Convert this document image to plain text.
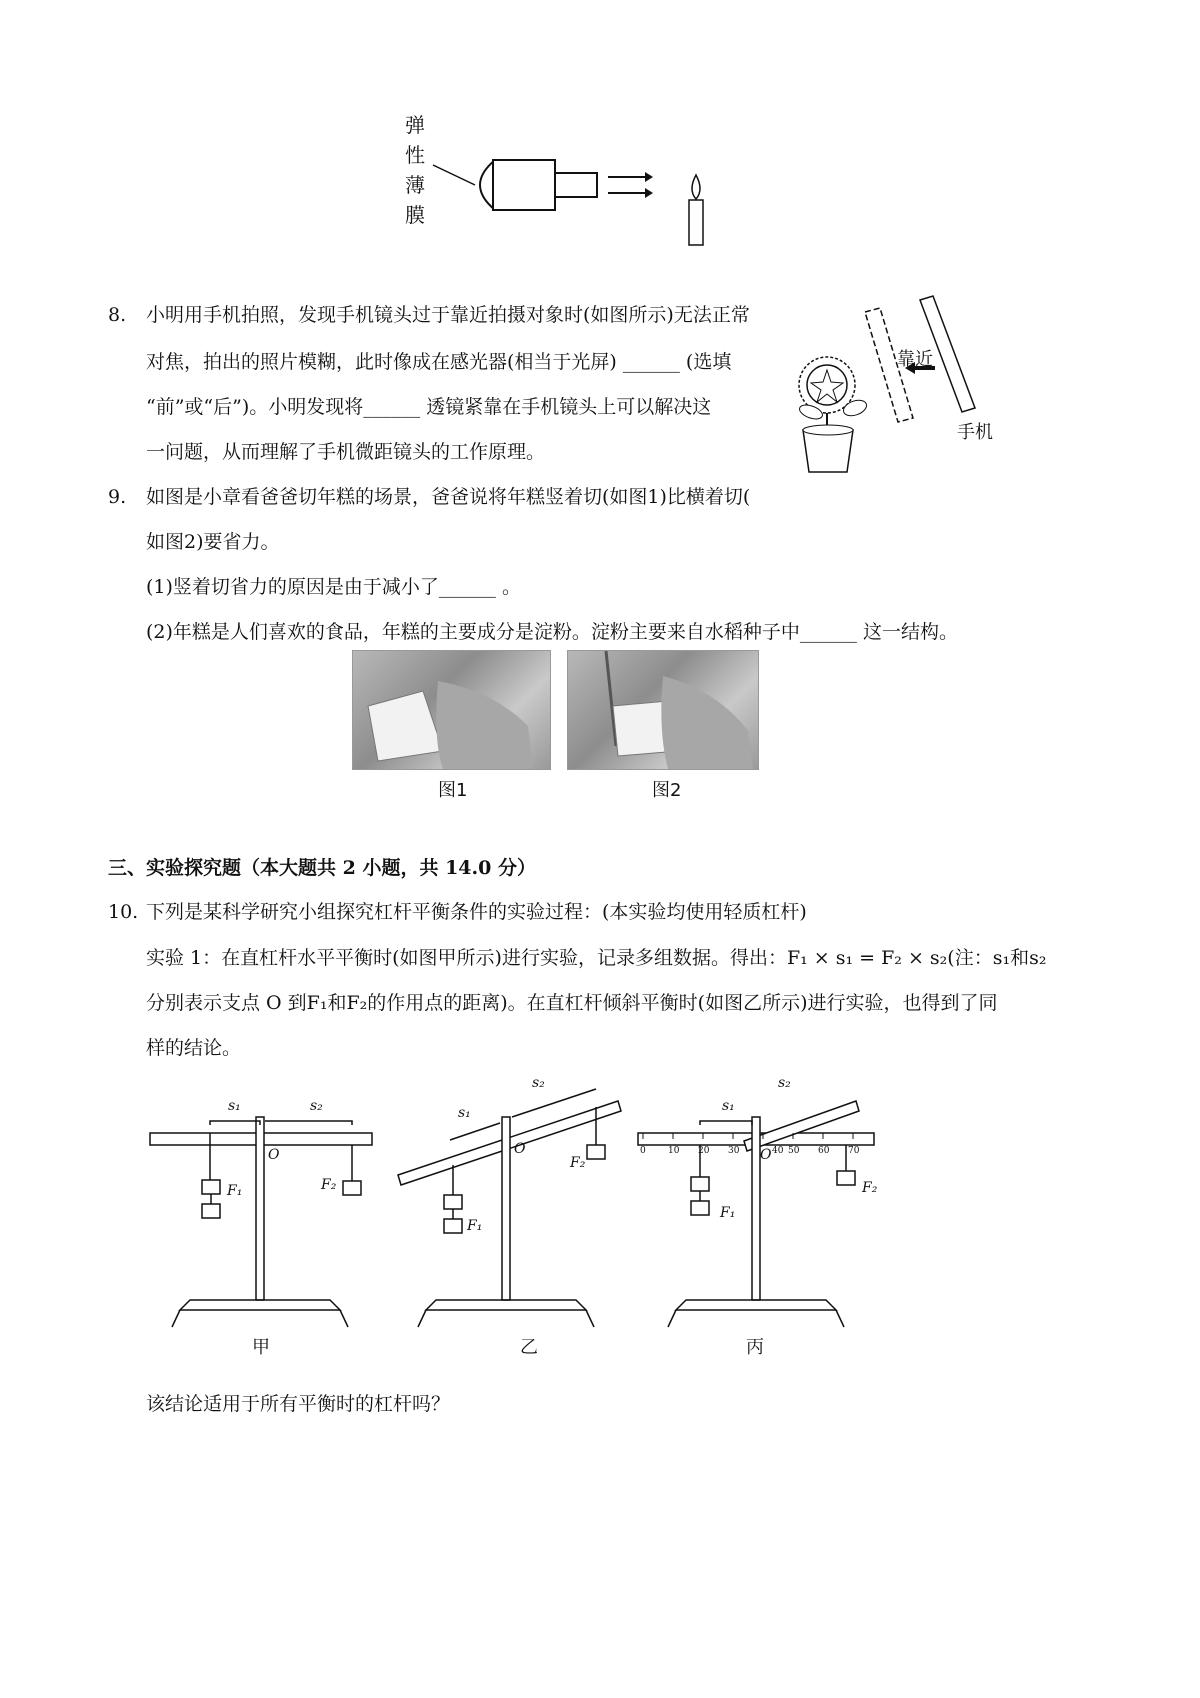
弹
性
薄
膜
8. 小明用手机拍照，发现手机镜头过于靠近拍摄对象时(如图所示)无法正常
对焦，拍出的照片模糊，此时像成在感光器(相当于光屏) ______ (选填
“前”或“后”)。小明发现将______ 透镜紧靠在手机镜头上可以解决这
一问题，从而理解了手机微距镜头的工作原理。
靠近
手机
9. 如图是小章看爸爸切年糕的场景，爸爸说将年糕竖着切(如图1)比横着切(
如图2)要省力。
(1)竖着切省力的原因是由于减小了______ 。
(2)年糕是人们喜欢的食品，年糕的主要成分是淀粉。淀粉主要来自水稻种子中______ 这一结构。
图1	图2
三、实验探究题（本大题共 2 小题，共 14.0 分）
10. 下列是某科学研究小组探究杠杆平衡条件的实验过程：(本实验均使用轻质杠杆)
实验 1：在直杠杆水平平衡时(如图甲所示)进行实验，记录多组数据。得出：F₁ × s₁ = F₂ × s₂(注：s₁和s₂
分别表示支点 O 到F₁和F₂的作用点的距离)。在直杠杆倾斜平衡时(如图乙所示)进行实验，也得到了同
样的结论。
s₁	s₂
O
F₁	F₂
s₁
s₂
O
F₁
F₂
s₁
s₂
O
F₁
F₂
0 10 20 30	40 50 60 70
甲	乙	丙
该结论适用于所有平衡时的杠杆吗？
